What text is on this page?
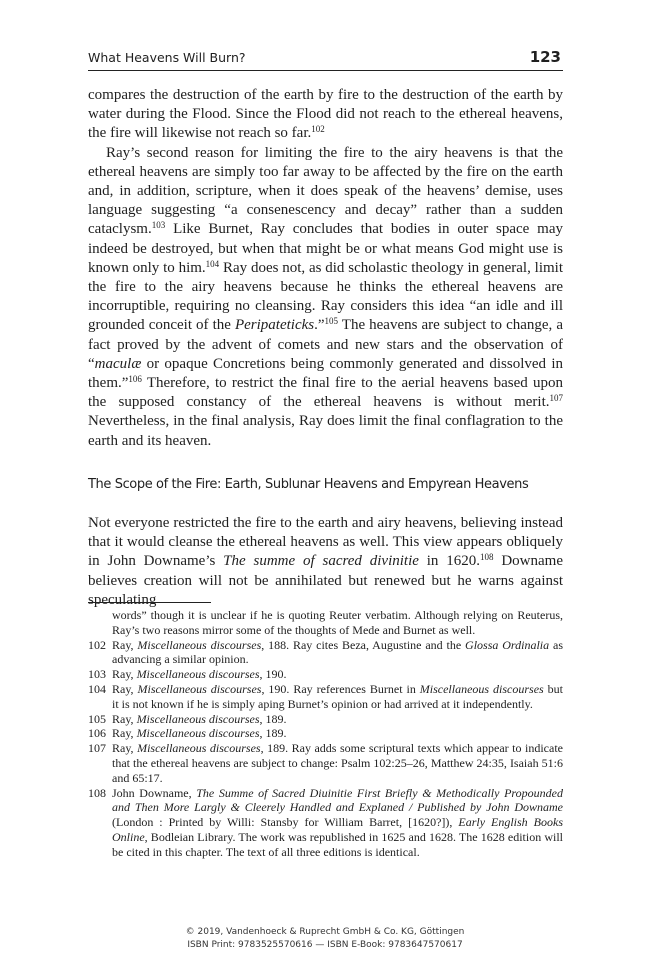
What Heavens Will Burn?	123

compares the destruction of the earth by fire to the destruction of the earth by water during the Flood. Since the Flood did not reach to the ethereal heavens, the fire will likewise not reach so far.$^{102}$

Ray’s second reason for limiting the fire to the airy heavens is that the ethereal heavens are simply too far away to be affected by the fire on the earth and, in addition, scripture, when it does speak of the heavens’ demise, uses language suggesting “a consenescency and decay” rather than a sudden cataclysm.$^{103}$ Like Burnet, Ray concludes that bodies in outer space may indeed be destroyed, but when that might be or what means God might use is known only to him.$^{104}$ Ray does not, as did scholastic theology in general, limit the fire to the airy heavens because he thinks the ethereal heavens are incorruptible, requiring no cleansing. Ray considers this idea “an idle and ill grounded conceit of the Peripateticks.”$^{105}$ The heavens are subject to change, a fact proved by the advent of comets and new stars and the observation of “maculæ or opaque Concretions being commonly generated and dissolved in them.”$^{106}$ Therefore, to restrict the final fire to the aerial heavens based upon the supposed constancy of the ethereal heavens is without merit.$^{107}$ Nevertheless, in the final analysis, Ray does limit the final conflagration to the earth and its heaven.

The Scope of the Fire: Earth, Sublunar Heavens and Empyrean Heavens

Not everyone restricted the fire to the earth and airy heavens, believing instead that it would cleanse the ethereal heavens as well. This view appears obliquely in John Downame’s The summe of sacred divinitie in 1620.$^{108}$ Downame believes creation will not be annihilated but renewed but he warns against speculating

words” though it is unclear if he is quoting Reuter verbatim. Although relying on Reuterus, Ray’s two reasons mirror some of the thoughts of Mede and Burnet as well.
102 Ray, Miscellaneous discourses, 188. Ray cites Beza, Augustine and the Glossa Ordinalia as advancing a similar opinion.
103 Ray, Miscellaneous discourses, 190.
104 Ray, Miscellaneous discourses, 190. Ray references Burnet in Miscellaneous discourses but it is not known if he is simply aping Burnet’s opinion or had arrived at it independently.
105 Ray, Miscellaneous discourses, 189.
106 Ray, Miscellaneous discourses, 189.
107 Ray, Miscellaneous discourses, 189. Ray adds some scriptural texts which appear to indicate that the ethereal heavens are subject to change: Psalm 102:25–26, Matthew 24:35, Isaiah 51:6 and 65:17.
108 John Downame, The Summe of Sacred Diuinitie First Briefly & Methodically Propounded and Then More Largly & Cleerely Handled and Explaned / Published by John Downame (London : Printed by Willi: Stansby for William Barret, [1620?]), Early English Books Online, Bodleian Library. The work was republished in 1625 and 1628. The 1628 edition will be cited in this chapter. The text of all three editions is identical.
© 2019, Vandenhoeck & Ruprecht GmbH & Co. KG, Göttingen
ISBN Print: 9783525570616 — ISBN E-Book: 9783647570617
